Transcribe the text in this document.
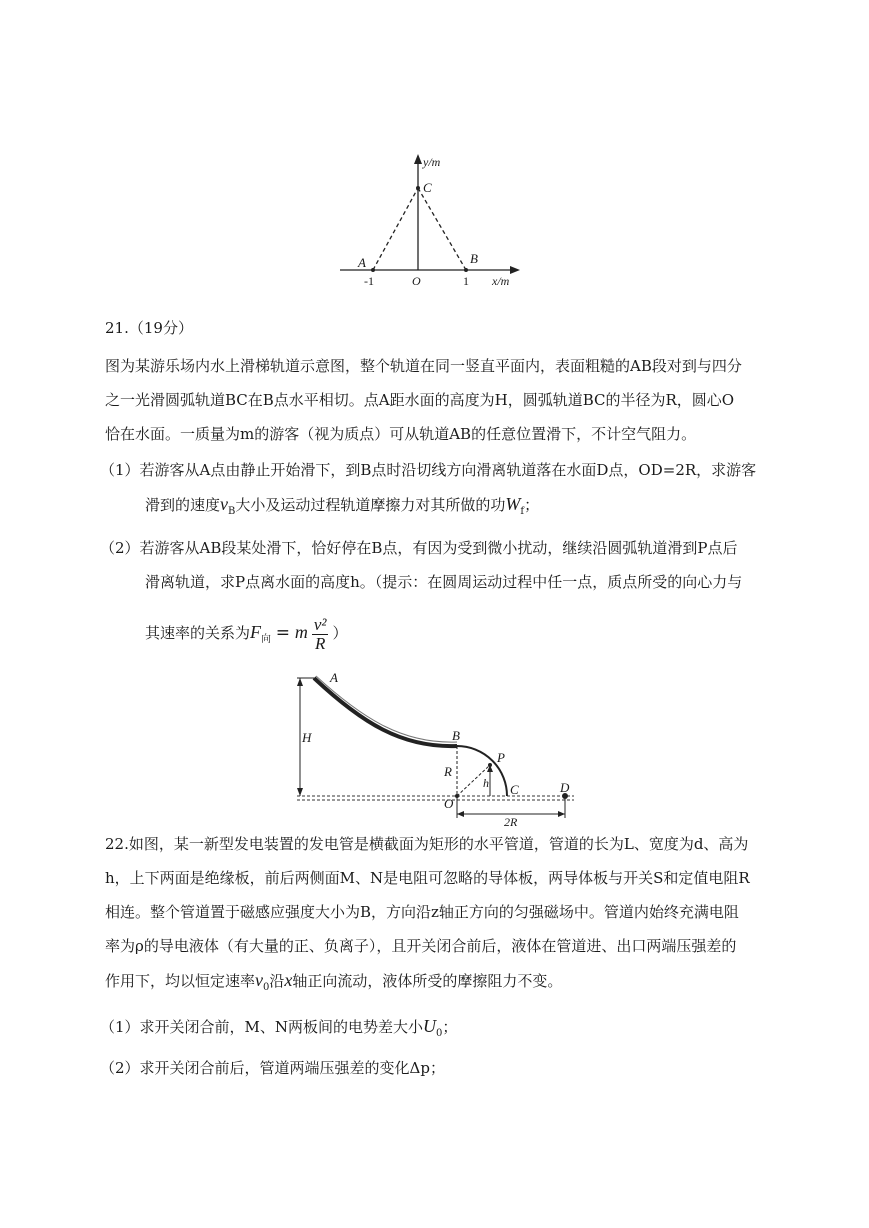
y/m
x/m
C
A	B
O
-1	1
21.（19分）
图为某游乐场内水上滑梯轨道示意图，整个轨道在同一竖直平面内，表面粗糙的AB段对到与四分
之一光滑圆弧轨道BC在B点水平相切。点A距水面的高度为H，圆弧轨道BC的半径为R，圆心O
恰在水面。一质量为m的游客（视为质点）可从轨道AB的任意位置滑下，不计空气阻力。
（1）若游客从A点由静止开始滑下，到B点时沿切线方向滑离轨道落在水面D点，OD=2R，求游客
滑到的速度$v_B$大小及运动过程轨道摩擦力对其所做的功$W_f$；
（2）若游客从AB段某处滑下，恰好停在B点，有因为受到微小扰动，继续沿圆弧轨道滑到P点后
滑离轨道，求P点离水面的高度h。（提示：在圆周运动过程中任一点，质点所受的向心力与
其速率的关系为$F_向 = m \frac{\text{v²}}{R}$ ）
A
B
P
H
R
h
O
C	D
2R
22.如图，某一新型发电装置的发电管是横截面为矩形的水平管道，管道的长为L、宽度为d、高为
h，上下两面是绝缘板，前后两侧面M、N是电阻可忽略的导体板，两导体板与开关S和定值电阻R
相连。整个管道置于磁感应强度大小为B，方向沿z轴正方向的匀强磁场中。管道内始终充满电阻
率为ρ的导电液体（有大量的正、负离子），且开关闭合前后，液体在管道进、出口两端压强差的
作用下，均以恒定速率$v_0$沿x轴正向流动，液体所受的摩擦阻力不变。
（1）求开关闭合前，M、N两板间的电势差大小$U_0$；
（2）求开关闭合前后，管道两端压强差的变化Δp；
